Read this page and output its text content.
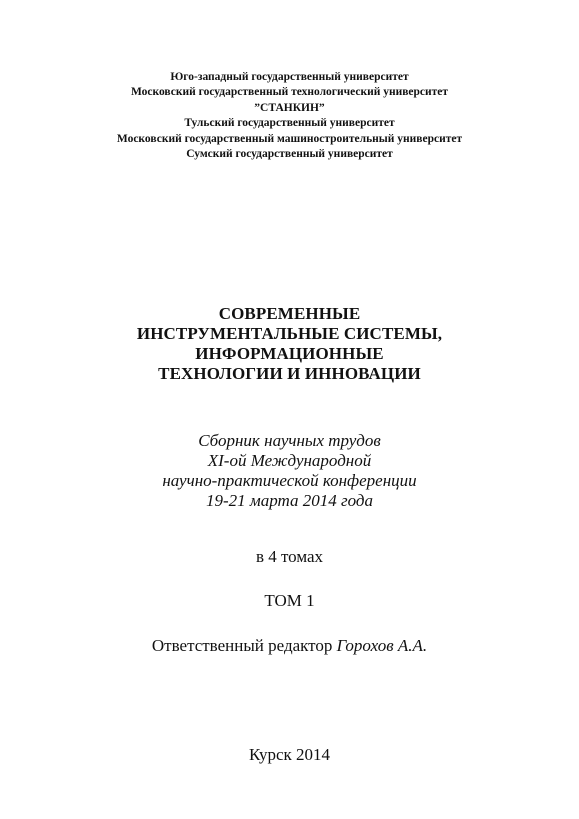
Юго-западный государственный университет
Московский государственный технологический университет
”СТАНКИН”
Тульский государственный университет
Московский государственный машиностроительный университет
Сумский государственный университет
СОВРЕМЕННЫЕ
ИНСТРУМЕНТАЛЬНЫЕ СИСТЕМЫ,
ИНФОРМАЦИОННЫЕ
ТЕХНОЛОГИИ И ИННОВАЦИИ
Сборник научных трудов
XI-ой Международной
научно-практической конференции
19-21 марта 2014 года
в 4 томах
ТОМ 1
Ответственный редактор Горохов А.А.
Курск 2014
